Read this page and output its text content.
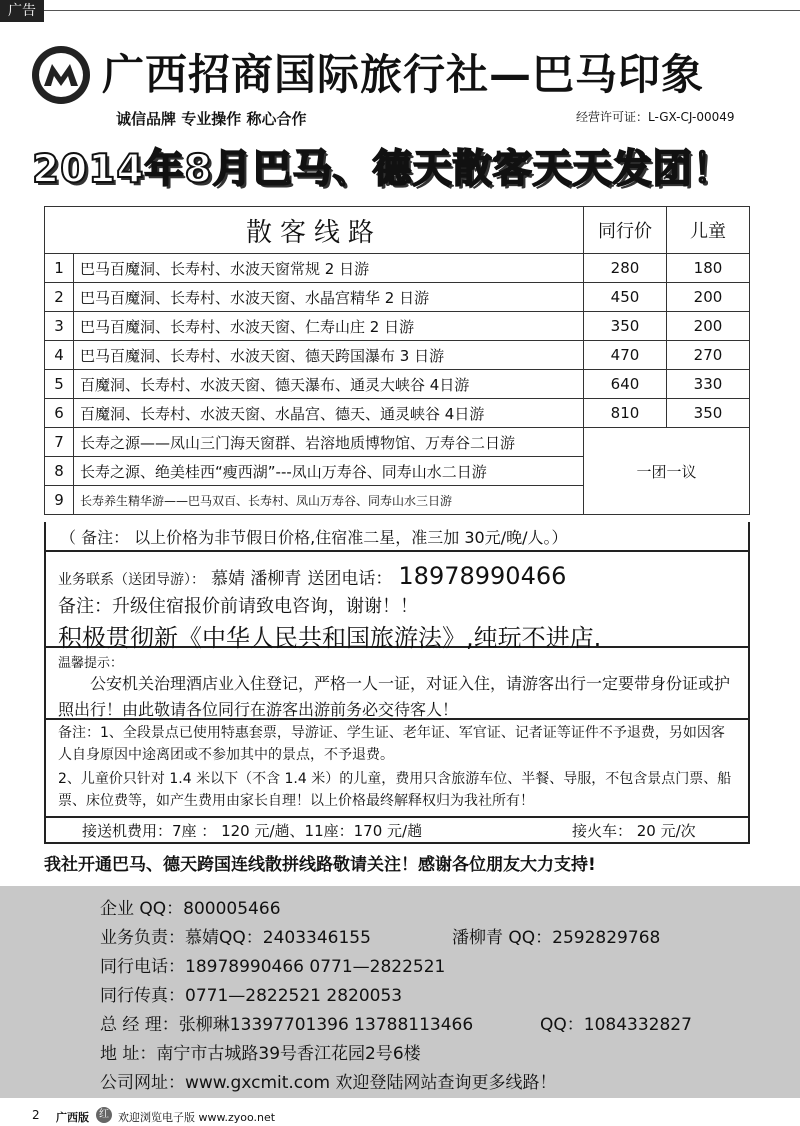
广告
广西招商国际旅行社—巴马印象
诚信品牌 专业操作 称心合作	经营许可证：L-GX-CJ-00049
2014年8月巴马、德天散客天天发团！
散客线路		同行价	儿童
1	巴马百魔洞、长寿村、水波天窗常规 2 日游	280	180
2	巴马百魔洞、长寿村、水波天窗、水晶宫精华 2 日游	450	200
3	巴马百魔洞、长寿村、水波天窗、仁寿山庄 2 日游	350	200
4	巴马百魔洞、长寿村、水波天窗、德天跨国瀑布 3 日游	470	270
5	百魔洞、长寿村、水波天窗、德天瀑布、通灵大峡谷 4日游	640	330
6	百魔洞、长寿村、水波天窗、水晶宫、德天、通灵峡谷 4日游	810	350
7	长寿之源——凤山三门海天窗群、岩溶地质博物馆、万寿谷二日游	一团一议	
8	长寿之源、绝美桂西“瘦西湖”---凤山万寿谷、同寿山水二日游		
9	长寿养生精华游——巴马双百、长寿村、凤山万寿谷、同寿山水三日游		
（ 备注： 以上价格为非节假日价格,住宿准二星，准三加 30元/晚/人。）
业务联系（送团导游）： 慕婧 潘柳青 送团电话： 18978990466
备注：升级住宿报价前请致电咨询，谢谢！！
积极贯彻新《中华人民共和国旅游法》,纯玩不进店.
温馨提示：
公安机关治理酒店业入住登记，严格一人一证，对证入住，请游客出行一定要带身份证或护照出行！由此敬请各位同行在游客出游前务必交待客人！
备注：1、全段景点已使用特惠套票，导游证、学生证、老年证、军官证、记者证等证件不予退费，另如因客人自身原因中途离团或不参加其中的景点，不予退费。
2、儿童价只针对 1.4 米以下（不含 1.4 米）的儿童，费用只含旅游车位、半餐、导服，不包含景点门票、船票、床位费等，如产生费用由家长自理！以上价格最终解释权归为我社所有！
接送机费用：7座 ： 120 元/趟、11座：170 元/趟	接火车： 20 元/次
我社开通巴马、德天跨国连线散拼线路敬请关注！感谢各位朋友大力支持!
企业 QQ：800005466
业务负责：慕婧QQ：2403346155	潘柳青 QQ：2592829768
同行电话：18978990466 0771—2822521
同行传真：0771—2822521 2820053
总 经 理：张柳琳13397701396 13788113466	QQ：1084332827
地 址：南宁市古城路39号香江花园2号6楼
公司网址：www.gxcmit.com 欢迎登陆网站查询更多线路！
2 广西版	红 欢迎浏览电子版 www.zyoo.net
